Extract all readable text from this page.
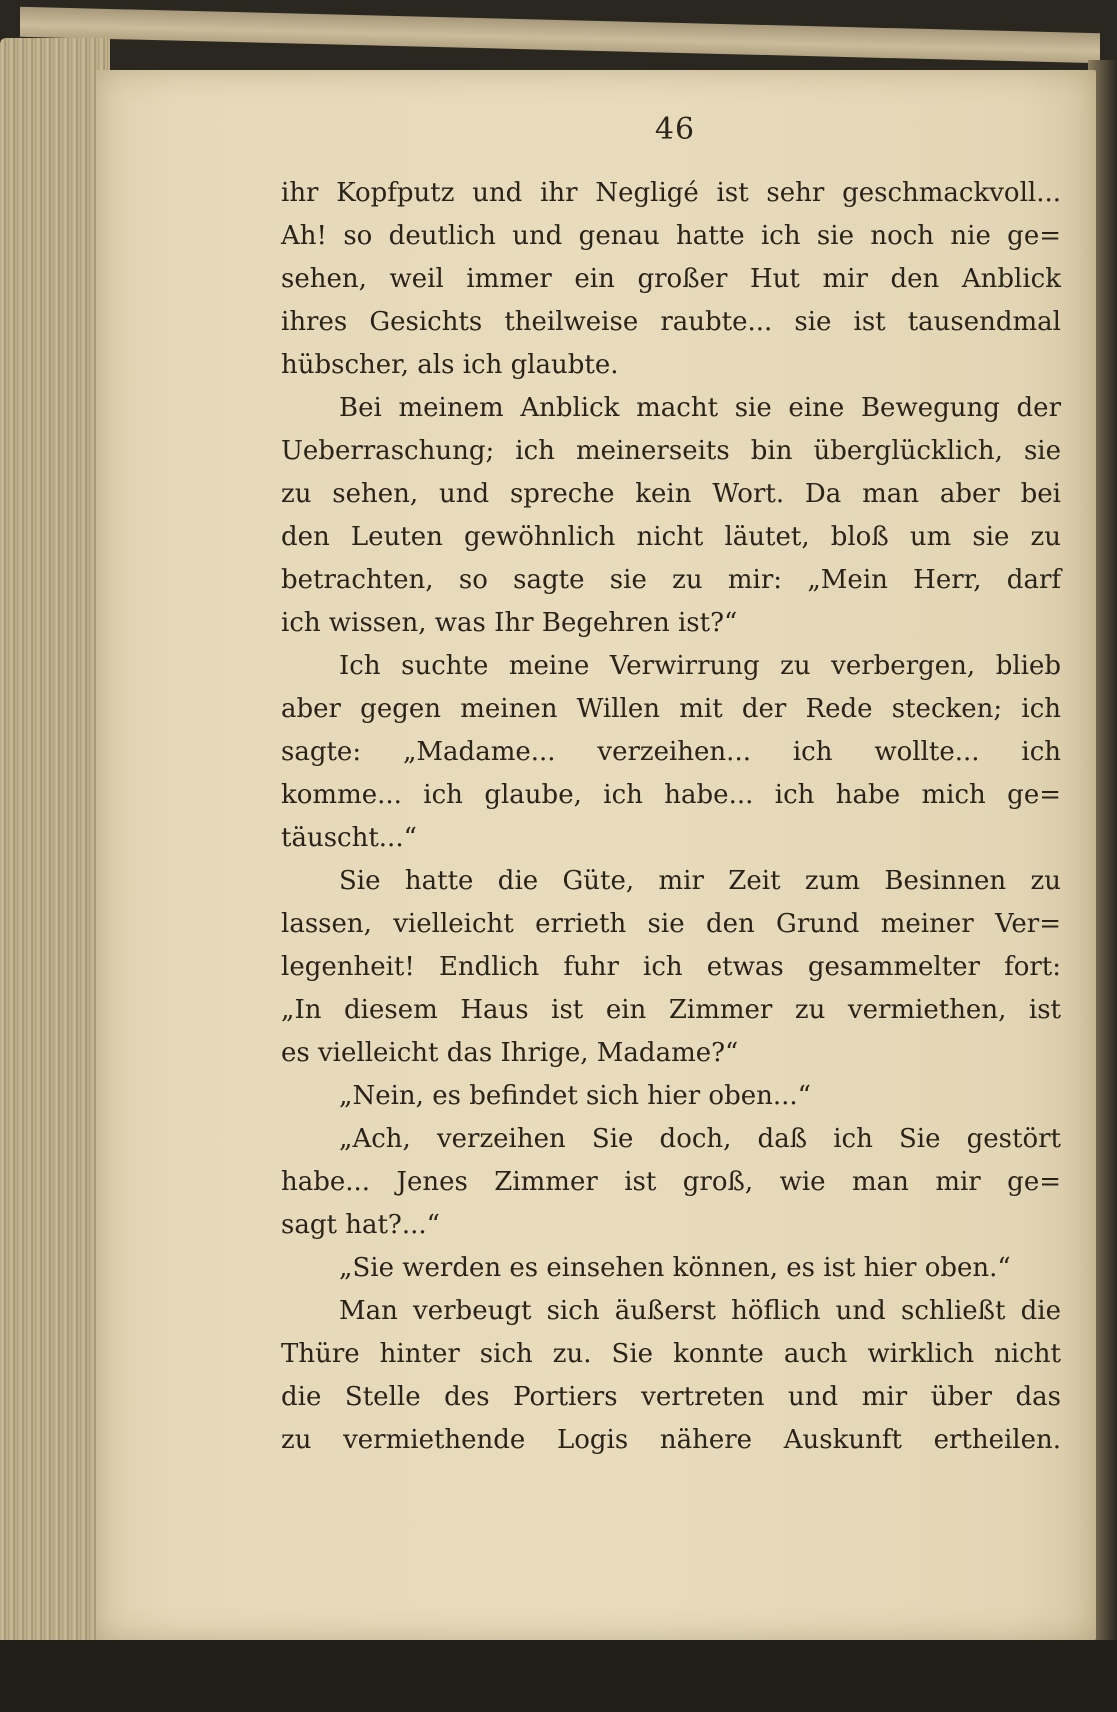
46
ihr Kopfputz und ihr Negligé ist sehr geschmackvoll...
Ah! so deutlich und genau hatte ich sie noch nie ge=
sehen, weil immer ein großer Hut mir den Anblick
ihres Gesichts theilweise raubte... sie ist tausendmal
hübscher, als ich glaubte.
Bei meinem Anblick macht sie eine Bewegung der
Ueberraschung; ich meinerseits bin überglücklich, sie
zu sehen, und spreche kein Wort. Da man aber bei
den Leuten gewöhnlich nicht läutet, bloß um sie zu
betrachten, so sagte sie zu mir: „Mein Herr, darf
ich wissen, was Ihr Begehren ist?“
Ich suchte meine Verwirrung zu verbergen, blieb
aber gegen meinen Willen mit der Rede stecken; ich
sagte: „Madame... verzeihen... ich wollte... ich
komme... ich glaube, ich habe... ich habe mich ge=
täuscht...“
Sie hatte die Güte, mir Zeit zum Besinnen zu
lassen, vielleicht errieth sie den Grund meiner Ver=
legenheit! Endlich fuhr ich etwas gesammelter fort:
„In diesem Haus ist ein Zimmer zu vermiethen, ist
es vielleicht das Ihrige, Madame?“
„Nein, es befindet sich hier oben...“
„Ach, verzeihen Sie doch, daß ich Sie gestört
habe... Jenes Zimmer ist groß, wie man mir ge=
sagt hat?...“
„Sie werden es einsehen können, es ist hier oben.“
Man verbeugt sich äußerst höflich und schließt die
Thüre hinter sich zu. Sie konnte auch wirklich nicht
die Stelle des Portiers vertreten und mir über das
zu vermiethende Logis nähere Auskunft ertheilen.
